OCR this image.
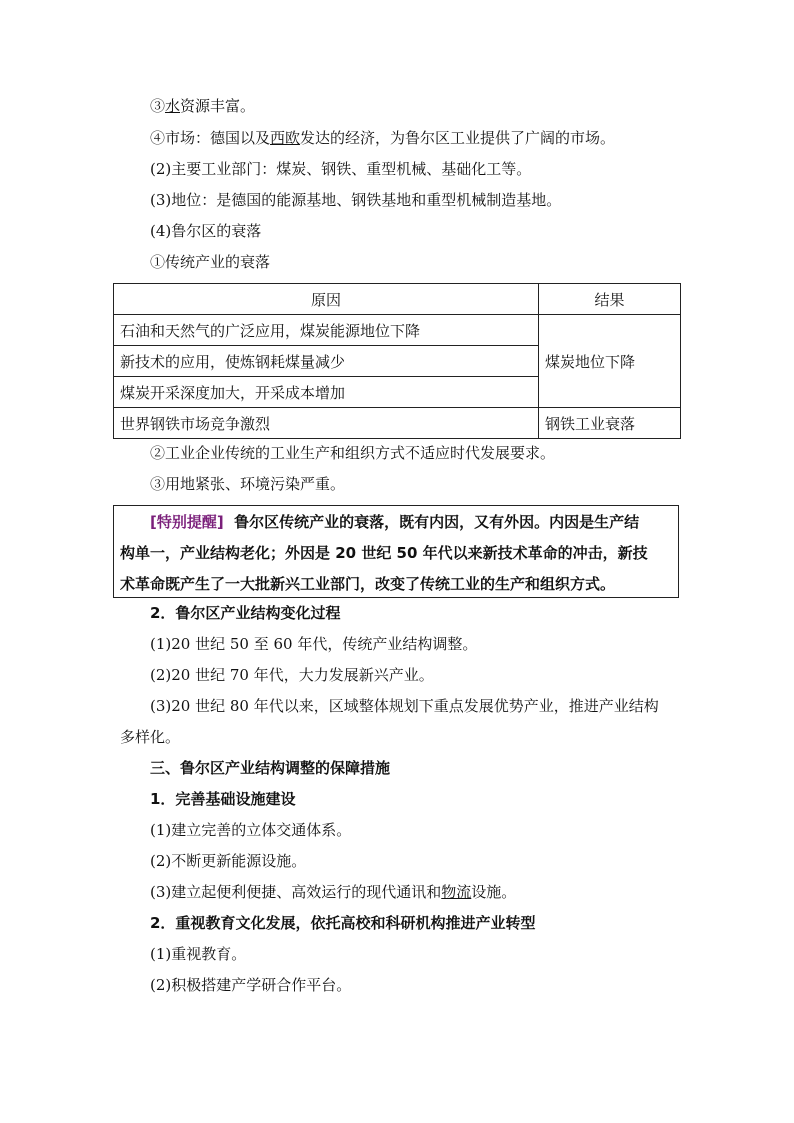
③水资源丰富。
④市场：德国以及西欧发达的经济，为鲁尔区工业提供了广阔的市场。
(2)主要工业部门：煤炭、钢铁、重型机械、基础化工等。
(3)地位：是德国的能源基地、钢铁基地和重型机械制造基地。
(4)鲁尔区的衰落
①传统产业的衰落
原因	结果
石油和天然气的广泛应用，煤炭能源地位下降	煤炭地位下降
新技术的应用，使炼钢耗煤量减少	
煤炭开采深度加大，开采成本增加	
世界钢铁市场竞争激烈	钢铁工业衰落
②工业企业传统的工业生产和组织方式不适应时代发展要求。
③用地紧张、环境污染严重。
[特别提醒] 鲁尔区传统产业的衰落，既有内因，又有外因。内因是生产结
构单一，产业结构老化；外因是 20 世纪 50 年代以来新技术革命的冲击，新技
术革命既产生了一大批新兴工业部门，改变了传统工业的生产和组织方式。
2．鲁尔区产业结构变化过程
(1)20 世纪 50 至 60 年代，传统产业结构调整。
(2)20 世纪 70 年代，大力发展新兴产业。
(3)20 世纪 80 年代以来，区域整体规划下重点发展优势产业，推进产业结构
多样化。
三、鲁尔区产业结构调整的保障措施
1．完善基础设施建设
(1)建立完善的立体交通体系。
(2)不断更新能源设施。
(3)建立起便利便捷、高效运行的现代通讯和物流设施。
2．重视教育文化发展，依托高校和科研机构推进产业转型
(1)重视教育。
(2)积极搭建产学研合作平台。
